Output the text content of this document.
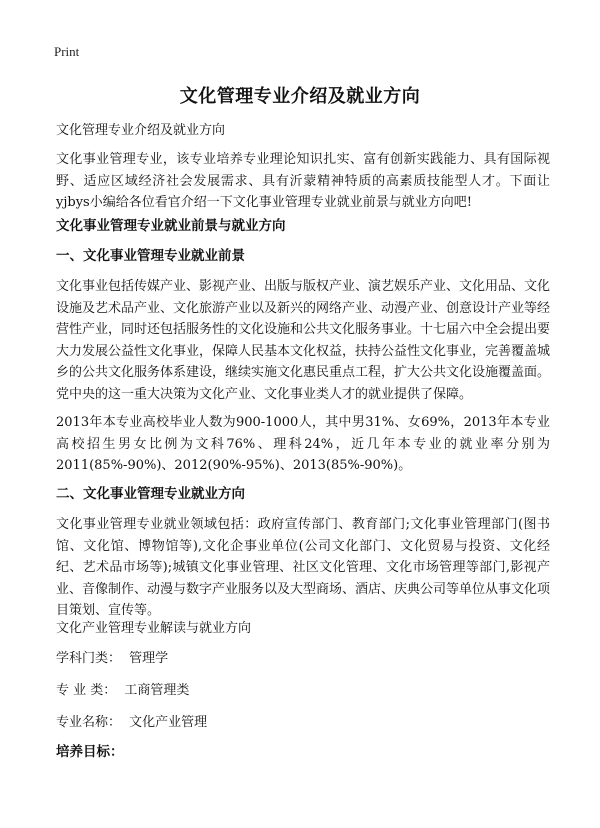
Print
文化管理专业介绍及就业方向

文化管理专业介绍及就业方向

文化事业管理专业，该专业培养专业理论知识扎实、富有创新实践能力、具有国际视野、适应区域经济社会发展需求、具有沂蒙精神特质的高素质技能型人才。下面让yjbys小编给各位看官介绍一下文化事业管理专业就业前景与就业方向吧!

文化事业管理专业就业前景与就业方向

一、文化事业管理专业就业前景

文化事业包括传媒产业、影视产业、出版与版权产业、演艺娱乐产业、文化用品、文化设施及艺术品产业、文化旅游产业以及新兴的网络产业、动漫产业、创意设计产业等经营性产业，同时还包括服务性的文化设施和公共文化服务事业。十七届六中全会提出要大力发展公益性文化事业，保障人民基本文化权益，扶持公益性文化事业，完善覆盖城乡的公共文化服务体系建设，继续实施文化惠民重点工程，扩大公共文化设施覆盖面。党中央的这一重大决策为文化产业、文化事业类人才的就业提供了保障。

2013年本专业高校毕业人数为900-1000人，其中男31%、女69%，2013年本专业高校招生男女比例为文科76%、理科24%，近几年本专业的就业率分别为2011(85%-90%)、2012(90%-95%)、2013(85%-90%)。

二、文化事业管理专业就业方向

文化事业管理专业就业领域包括：政府宣传部门、教育部门;文化事业管理部门(图书馆、文化馆、博物馆等),文化企事业单位(公司文化部门、文化贸易与投资、文化经纪、艺术品市场等);城镇文化事业管理、社区文化管理、文化市场管理等部门,影视产业、音像制作、动漫与数字产业服务以及大型商场、酒店、庆典公司等单位从事文化项目策划、宣传等。

文化产业管理专业解读与就业方向

学科门类： 管理学
专 业 类： 工商管理类
专业名称： 文化产业管理

培养目标：
